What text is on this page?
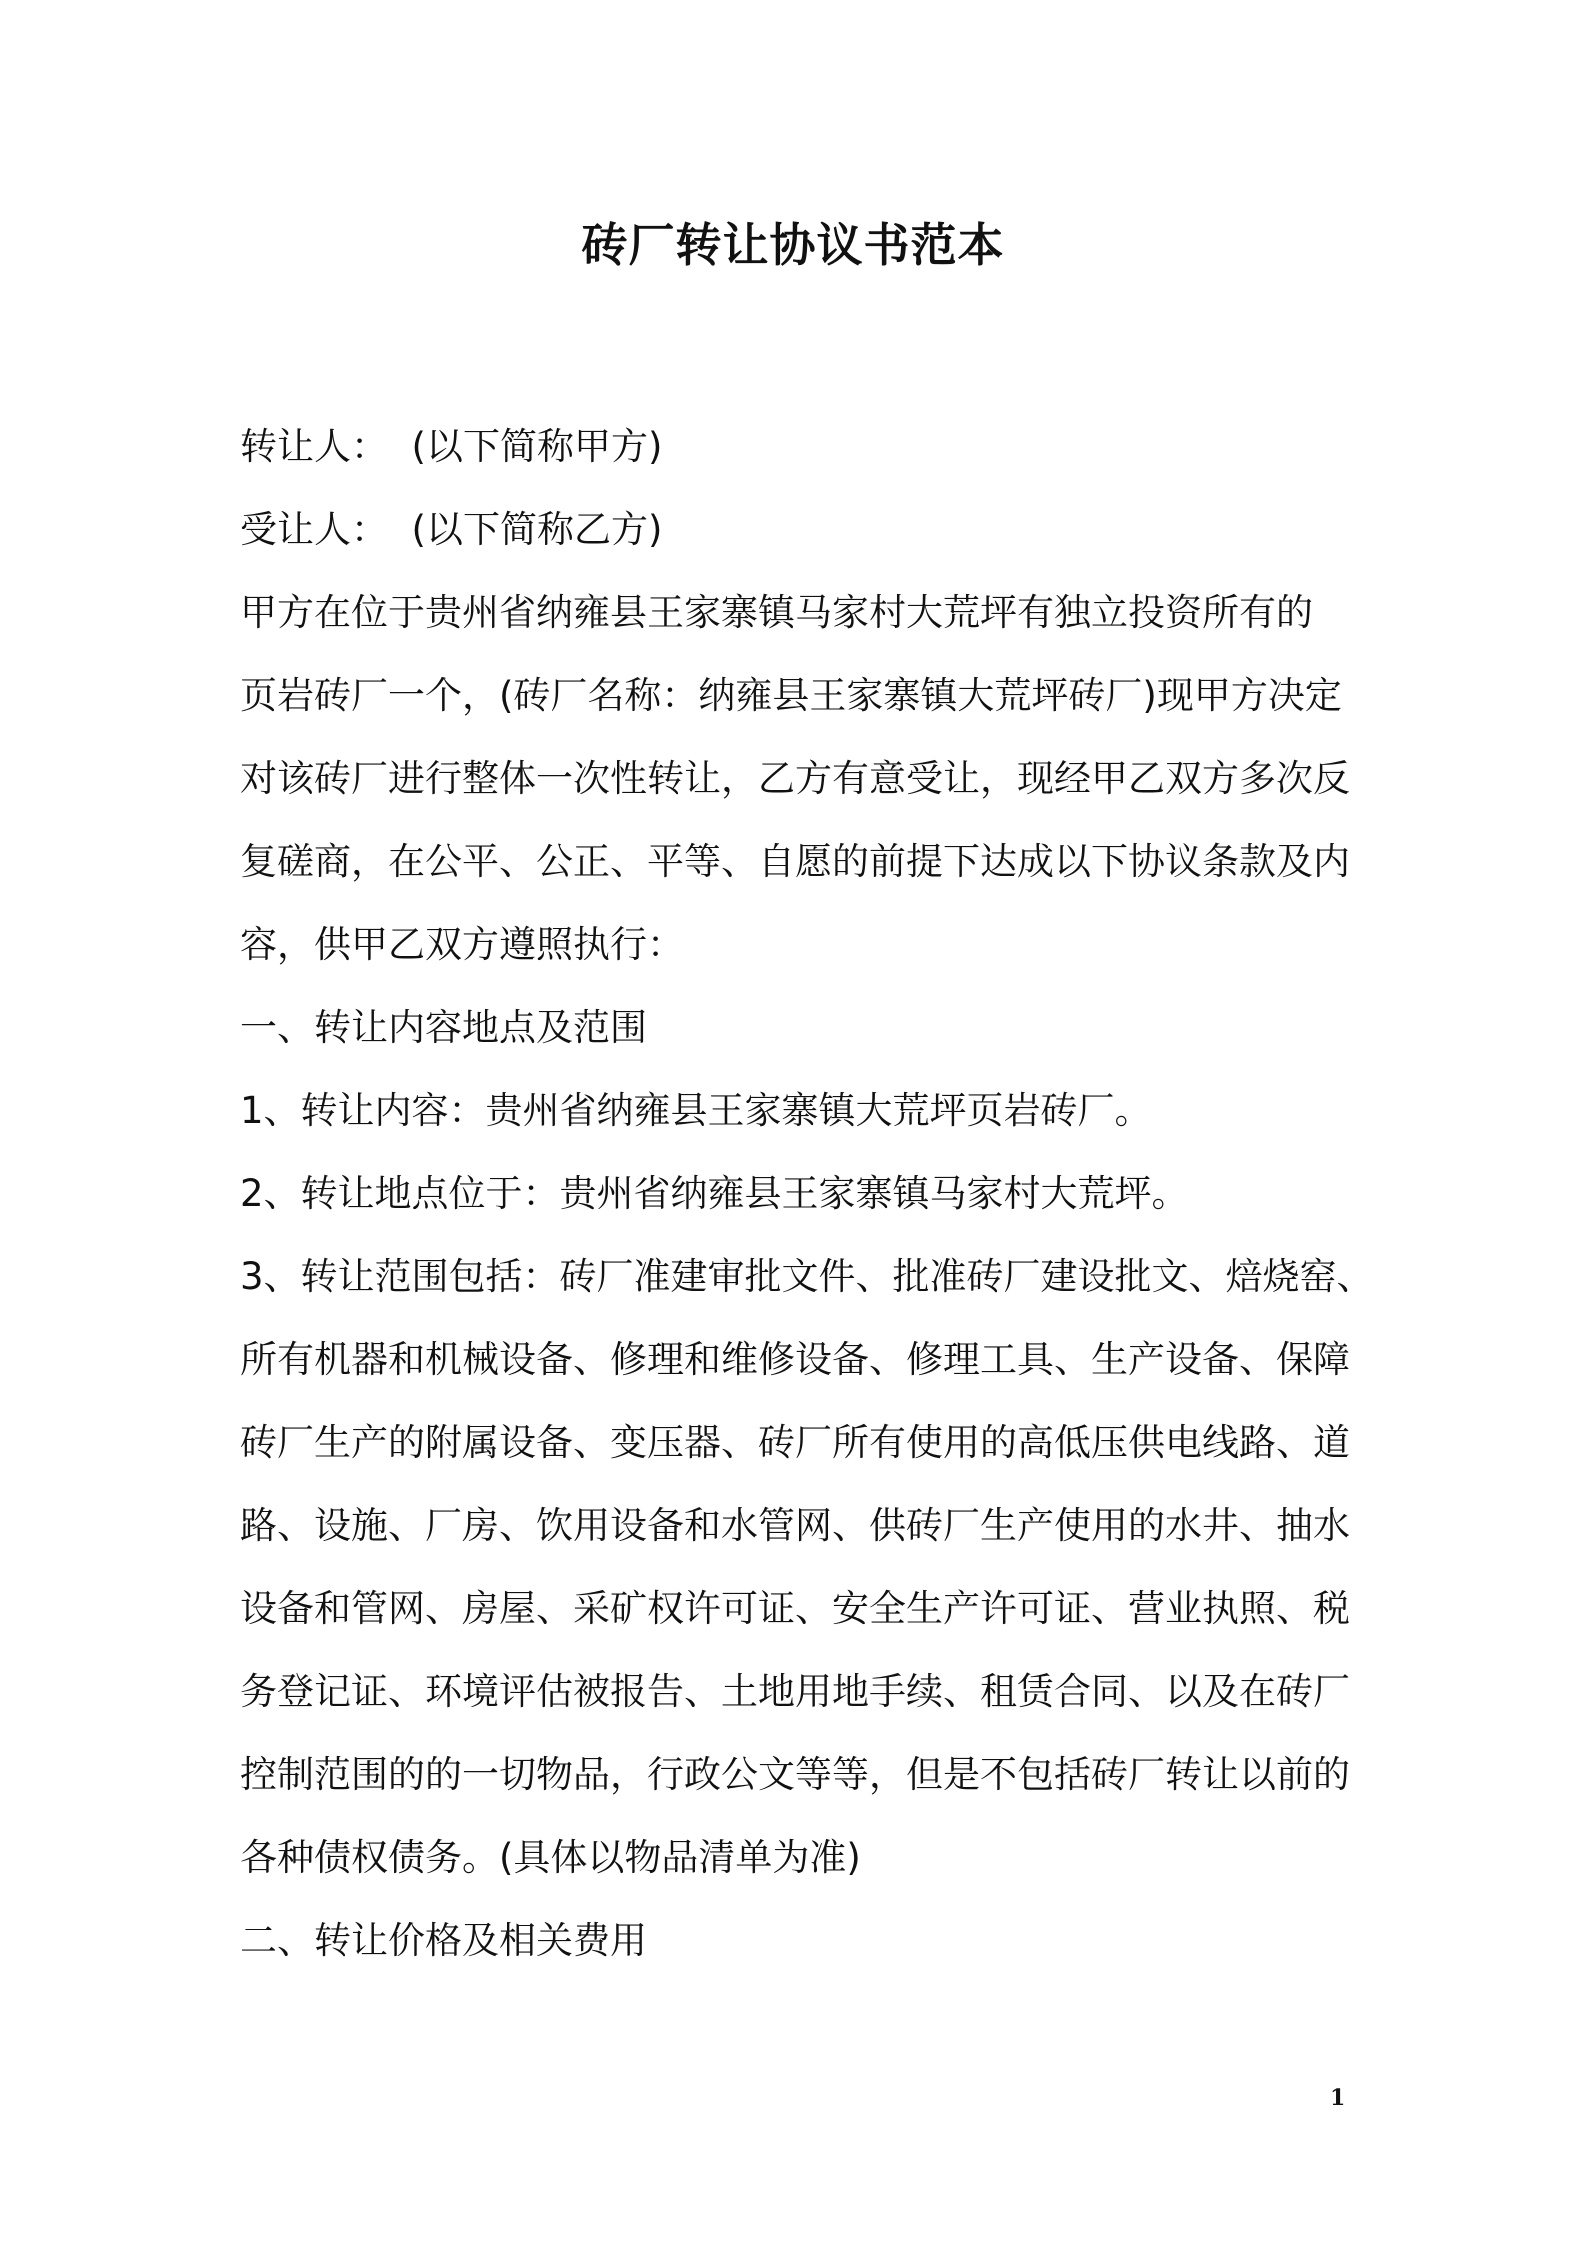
砖厂转让协议书范本
转让人：  (以下简称甲方)
受让人：  (以下简称乙方)
甲方在位于贵州省纳雍县王家寨镇马家村大荒坪有独立投资所有的
页岩砖厂一个，(砖厂名称：纳雍县王家寨镇大荒坪砖厂)现甲方决定
对该砖厂进行整体一次性转让，乙方有意受让，现经甲乙双方多次反
复磋商，在公平、公正、平等、自愿的前提下达成以下协议条款及内
容，供甲乙双方遵照执行：
一、转让内容地点及范围
1、转让内容：贵州省纳雍县王家寨镇大荒坪页岩砖厂。
2、转让地点位于：贵州省纳雍县王家寨镇马家村大荒坪。
3、转让范围包括：砖厂准建审批文件、批准砖厂建设批文、焙烧窑、
所有机器和机械设备、修理和维修设备、修理工具、生产设备、保障
砖厂生产的附属设备、变压器、砖厂所有使用的高低压供电线路、道
路、设施、厂房、饮用设备和水管网、供砖厂生产使用的水井、抽水
设备和管网、房屋、采矿权许可证、安全生产许可证、营业执照、税
务登记证、环境评估被报告、土地用地手续、租赁合同、以及在砖厂
控制范围的的一切物品，行政公文等等，但是不包括砖厂转让以前的
各种债权债务。(具体以物品清单为准)
二、转让价格及相关费用
1
